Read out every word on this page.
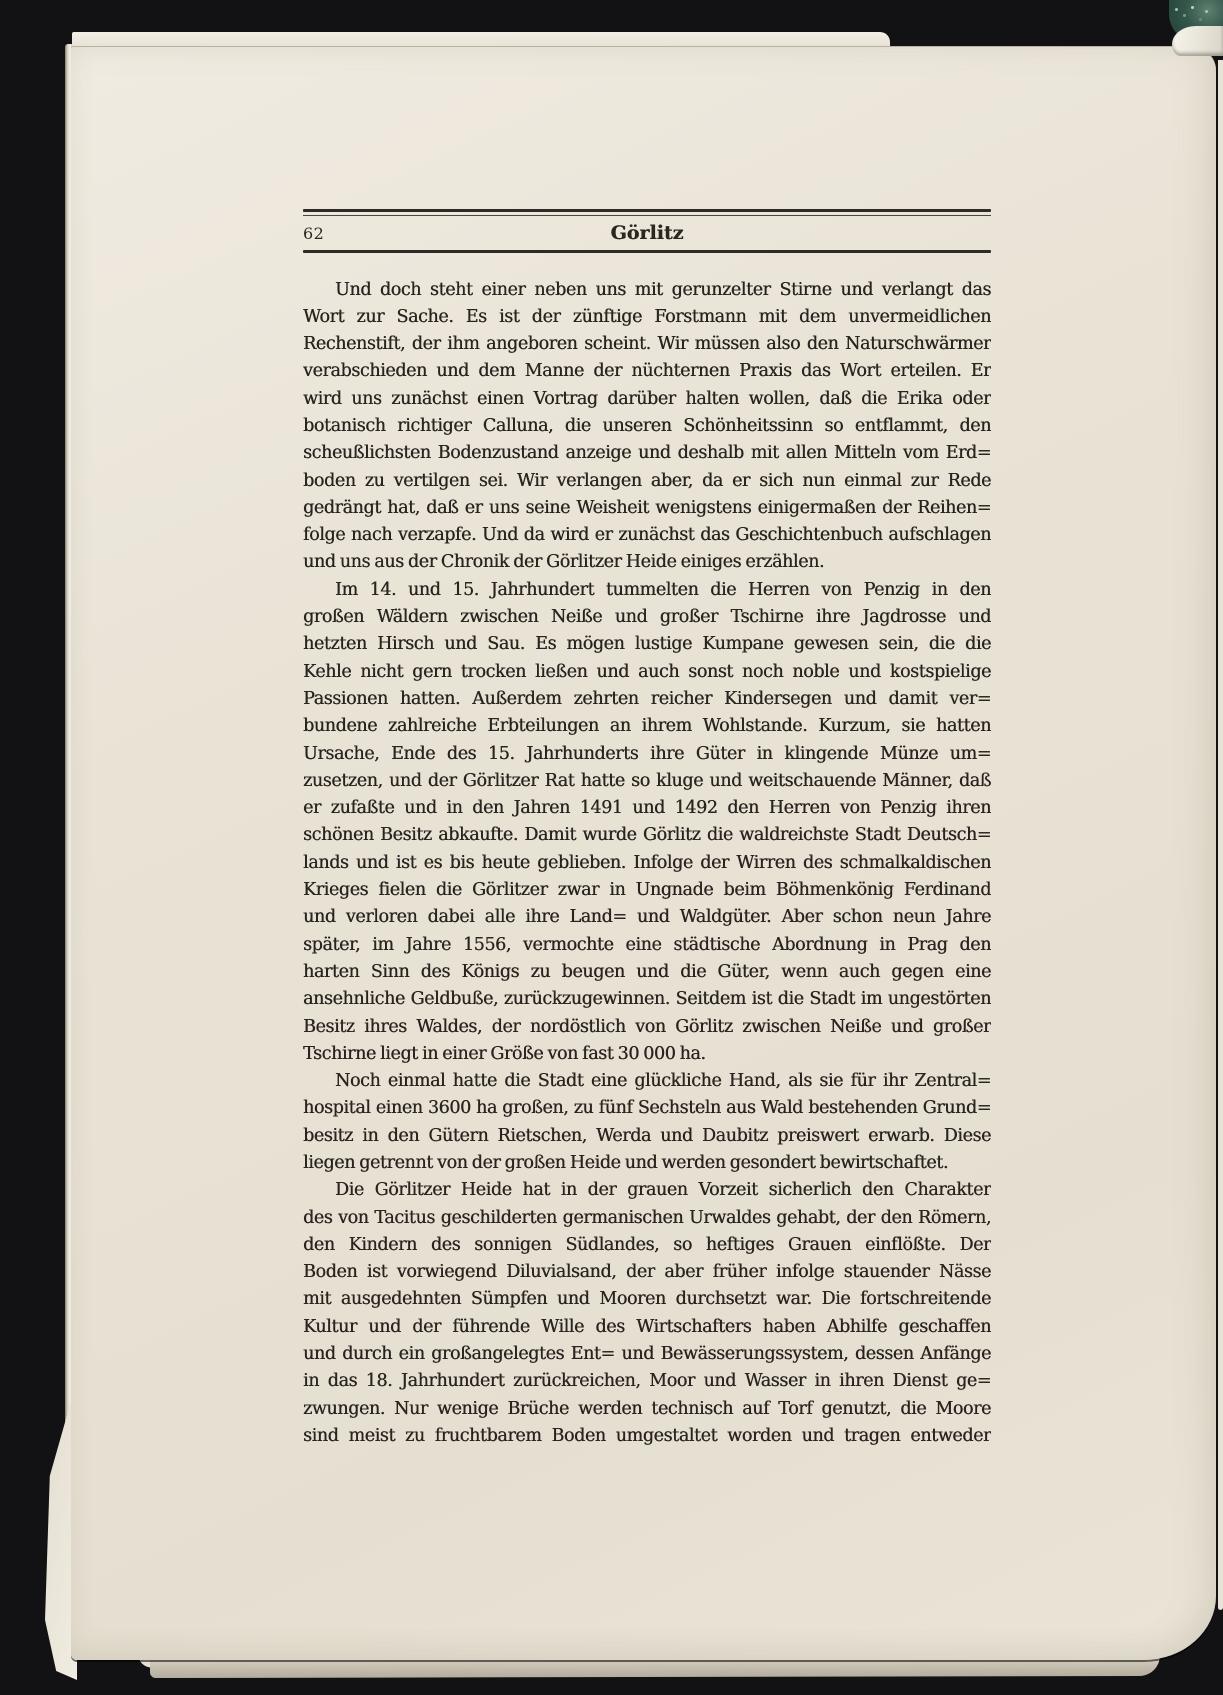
62	Görlitz
Und doch steht einer neben uns mit gerunzelter Stirne und verlangt das
Wort zur Sache. Es ist der zünftige Forstmann mit dem unvermeidlichen
Rechenstift, der ihm angeboren scheint. Wir müssen also den Naturschwärmer
verabschieden und dem Manne der nüchternen Praxis das Wort erteilen. Er
wird uns zunächst einen Vortrag darüber halten wollen, daß die Erika oder
botanisch richtiger Calluna, die unseren Schönheitssinn so entflammt, den
scheußlichsten Bodenzustand anzeige und deshalb mit allen Mitteln vom Erd=
boden zu vertilgen sei. Wir verlangen aber, da er sich nun einmal zur Rede
gedrängt hat, daß er uns seine Weisheit wenigstens einigermaßen der Reihen=
folge nach verzapfe. Und da wird er zunächst das Geschichtenbuch aufschlagen
und uns aus der Chronik der Görlitzer Heide einiges erzählen.
Im 14. und 15. Jahrhundert tummelten die Herren von Penzig in den
großen Wäldern zwischen Neiße und großer Tschirne ihre Jagdrosse und
hetzten Hirsch und Sau. Es mögen lustige Kumpane gewesen sein, die die
Kehle nicht gern trocken ließen und auch sonst noch noble und kostspielige
Passionen hatten. Außerdem zehrten reicher Kindersegen und damit ver=
bundene zahlreiche Erbteilungen an ihrem Wohlstande. Kurzum, sie hatten
Ursache, Ende des 15. Jahrhunderts ihre Güter in klingende Münze um=
zusetzen, und der Görlitzer Rat hatte so kluge und weitschauende Männer, daß
er zufaßte und in den Jahren 1491 und 1492 den Herren von Penzig ihren
schönen Besitz abkaufte. Damit wurde Görlitz die waldreichste Stadt Deutsch=
lands und ist es bis heute geblieben. Infolge der Wirren des schmalkaldischen
Krieges fielen die Görlitzer zwar in Ungnade beim Böhmenkönig Ferdinand
und verloren dabei alle ihre Land= und Waldgüter. Aber schon neun Jahre
später, im Jahre 1556, vermochte eine städtische Abordnung in Prag den
harten Sinn des Königs zu beugen und die Güter, wenn auch gegen eine
ansehnliche Geldbuße, zurückzugewinnen. Seitdem ist die Stadt im ungestörten
Besitz ihres Waldes, der nordöstlich von Görlitz zwischen Neiße und großer
Tschirne liegt in einer Größe von fast 30 000 ha.
Noch einmal hatte die Stadt eine glückliche Hand, als sie für ihr Zentral=
hospital einen 3600 ha großen, zu fünf Sechsteln aus Wald bestehenden Grund=
besitz in den Gütern Rietschen, Werda und Daubitz preiswert erwarb. Diese
liegen getrennt von der großen Heide und werden gesondert bewirtschaftet.
Die Görlitzer Heide hat in der grauen Vorzeit sicherlich den Charakter
des von Tacitus geschilderten germanischen Urwaldes gehabt, der den Römern,
den Kindern des sonnigen Südlandes, so heftiges Grauen einflößte. Der
Boden ist vorwiegend Diluvialsand, der aber früher infolge stauender Nässe
mit ausgedehnten Sümpfen und Mooren durchsetzt war. Die fortschreitende
Kultur und der führende Wille des Wirtschafters haben Abhilfe geschaffen
und durch ein großangelegtes Ent= und Bewässerungssystem, dessen Anfänge
in das 18. Jahrhundert zurückreichen, Moor und Wasser in ihren Dienst ge=
zwungen. Nur wenige Brüche werden technisch auf Torf genutzt, die Moore
sind meist zu fruchtbarem Boden umgestaltet worden und tragen entweder
